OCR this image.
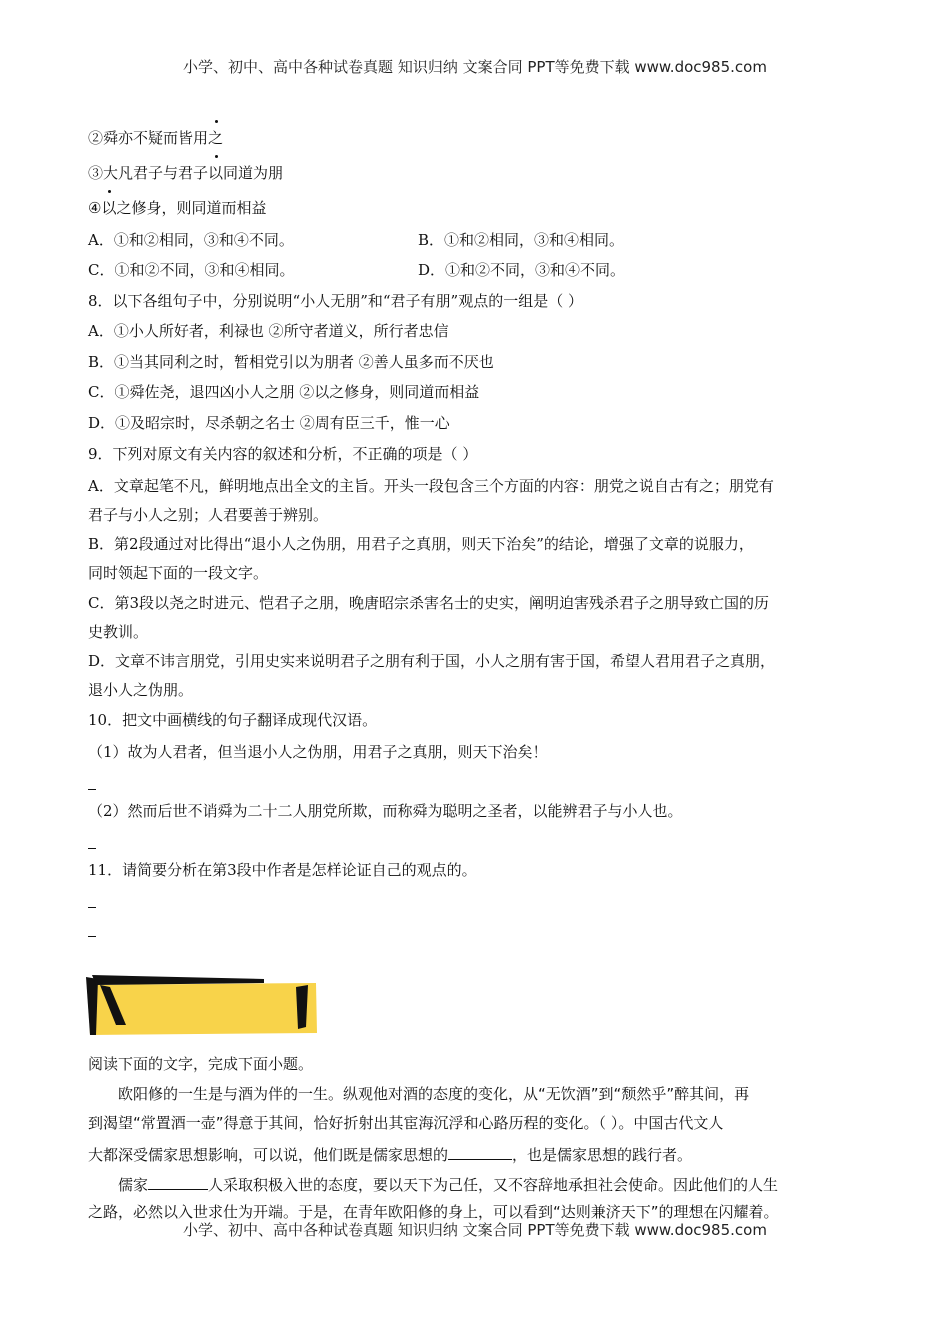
小学、初中、高中各种试卷真题 知识归纳 文案合同 PPT等免费下载 www.doc985.com
②舜亦不疑而皆用之
③大凡君子与君子以同道为朋
④以之修身，则同道而相益
A．①和②相同，③和④不同。	B．①和②相同，③和④相同。
C．①和②不同，③和④相同。	D．①和②不同，③和④不同。
8．以下各组句子中，分别说明“小人无朋”和“君子有朋”观点的一组是（ ）
A．①小人所好者，利禄也 ②所守者道义，所行者忠信
B．①当其同利之时，暂相党引以为朋者 ②善人虽多而不厌也
C．①舜佐尧，退四凶小人之朋 ②以之修身，则同道而相益
D．①及昭宗时，尽杀朝之名士 ②周有臣三千，惟一心
9．下列对原文有关内容的叙述和分析，不正确的项是（ ）
A．文章起笔不凡，鲜明地点出全文的主旨。开头一段包含三个方面的内容：朋党之说自古有之；朋党有
君子与小人之别；人君要善于辨别。
B．第2段通过对比得出“退小人之伪朋，用君子之真朋，则天下治矣”的结论，增强了文章的说服力，
同时领起下面的一段文字。
C．第3段以尧之时进元、恺君子之朋，晚唐昭宗杀害名士的史实，阐明迫害残杀君子之朋导致亡国的历
史教训。
D．文章不讳言朋党，引用史实来说明君子之朋有利于国，小人之朋有害于国，希望人君用君子之真朋，
退小人之伪朋。
10．把文中画横线的句子翻译成现代汉语。
（1）故为人君者，但当退小人之伪朋，用君子之真朋，则天下治矣！
（2）然而后世不诮舜为二十二人朋党所欺，而称舜为聪明之圣者，以能辨君子与小人也。
11．请简要分析在第3段中作者是怎样论证自己的观点的。
阅读下面的文字，完成下面小题。
欧阳修的一生是与酒为伴的一生。纵观他对酒的态度的变化，从“无饮酒”到“颓然乎”醉其间，再
到渴望“常置酒一壶”得意于其间，恰好折射出其宦海沉浮和心路历程的变化。（ ）。中国古代文人
大都深受儒家思想影响，可以说，他们既是儒家思想的	，也是儒家思想的践行者。
儒家	人采取积极入世的态度，要以天下为己任，又不容辞地承担社会使命。因此他们的人生
之路，必然以入世求仕为开端。于是，在青年欧阳修的身上，可以看到“达则兼济天下”的理想在闪耀着。
小学、初中、高中各种试卷真题 知识归纳 文案合同 PPT等免费下载 www.doc985.com
